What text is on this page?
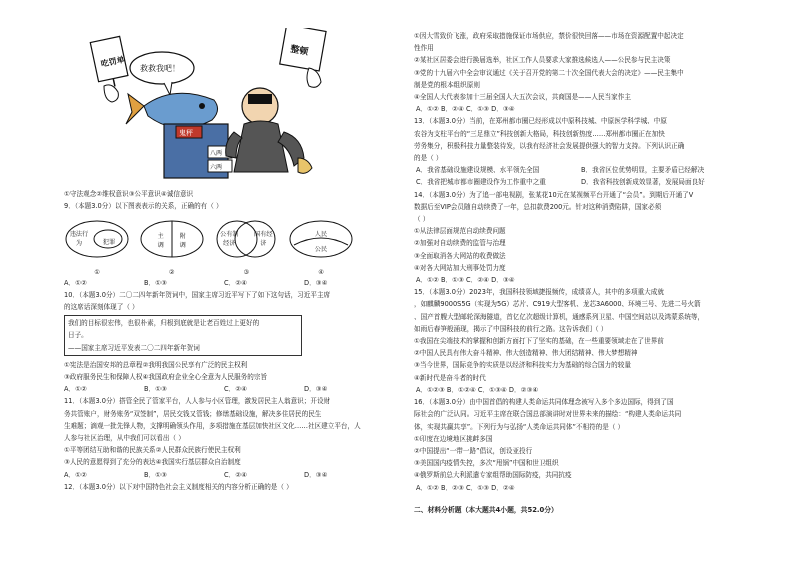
吃罚单
整顿
救救我吧！
鬼秤
八两
六两
①守法观念②维权意识③公平意识④诚信意识
9．（本题3.0分）以下图表表示的关系，正确的有（ ）
违法行为	犯罪
①
主调
附调
②
公有制经济
国有经济
③
人民
公民
④
A．①②	B．①③	C．②④	D．③④
10．（本题3.0分）二〇二四年新年贺词中，国家主席习近平写下了如下这句话，习近平主席
的这席话深刻体现了（ ）
我们的目标很宏伟，也很朴素，归根到底就是让老百姓过上更好的
日子。
——国家主席习近平发表二〇二四年新年贺词
①宪法是治国安邦的总章程②我明我国公民享有广泛的民主权利
③政府服务民生和保障人权④我国政府企业全心全意为人民服务的宗旨
A．①②	B．①③	C．②④	D．③④
11．（本题3.0分）搭管全民了管家平台，人人参与小区管理，激发居民主人翁意识；开设财
务共管账户，财务账务“双签制”，居民交钱又管钱；修缮基础设施，解决多住居民的民生
生难题；滴观一批先锋人物，支撑明确领头作用，多项措施在基层加快社区文化……社区建立平台，人
人参与社区治理，从中我们可以看出（ ）
①平等团结互助和谐的民族关系②人民群众民族行使民主权利
③人民的意愿得到了充分的表达④我国实行基层群众自治制度
A．①②	B．①③	C．②④	D．③④
12．（本题3.0分）以下对中国特色社会主义制度相关的内容分析正确的是（ ）
①因大雪致价飞涨，政府采取措施保证市场供应，禁价很快回落——市场在资源配置中起决定
性作用
②某社区居委会进行换届选举，社区工作人员要求大家推选候选人——公民参与民主决策
③党的十九届六中全会审议通过《关于召开党的第二十次全国代表大会的决定》——民主集中
制是党的根本组织原则
④全国人大代表参加十三届全国人大五次会议，共商国是——人民当家作主
A．①② B．②④ C．①③ D．③④
13．（本题3.0分）当前，在郑州都市圈已经形成以中原科技城、中原医学科学城、中原
农谷为支柱平台的“三足鼎立”科技创新大格局，科技创新热度……郑州都市圈正在加快
劳务集分，积极科技力量整装待发，以我有经济社会发展提供强大的智力支持。下列认识正确
的是（ ）
A．我省基础设施建设规模、水平领先全国	B．我省区位优势明显，主要矛盾已经解决
C．我省把城市都市圈建设作为工作重中之重	D．我省科技创新成效显著，发展局面良好
14．（本题3.0分）为了追一部电视剧，张某花10元在某视频平台开通了“会员”。到期后开通了V
数据后至VIP会员随自动续费了一年，总扣款费200元。针对这种消费陷阱，国家必须
（ ）
①从法律层面规范自动续费问题
②加强对自动续费的监管与治理
③全面取消各大网站的收费做法
④对各大网站加大刑事处罚力度
A．①② B．①③ C．②④ D．③④
15．（本题3.0分）2023年，我国科技领域捷报频传，成绩喜人，其中的多项重大成就
，如麒麟9000S5G（实现为5G）芯片、C919大型客机、龙芯3A6000、环境三号、先进二号火箭
、国产首艘大型邮轮深海隧道，首亿亿次超级计算机，通感系列卫星、中国空间站以及鸿蒙系统等，
如雨后春笋般涌现，揭示了中国科技的前行之路。这告诉我们（ ）
①我国在尖端技术的掌握和创新方面打下了坚实的基础，在一些重要领域走在了世界前
②中国人民具有伟大奋斗精神、伟大创造精神、伟大团结精神、伟大梦想精神
③当今世界，国际竞争的实质是以经济和科技实力为基础的综合国力的较量
④新时代是奋斗者的时代
A．①②③ B．①②④ C．①③④ D．②③④
16．（本题3.0分）由中国首倡的构建人类命运共同体理念被写入多个多边国际，得到了国
际社会的广泛认同。习近平主席在联合国总部演讲时对世界未来的描绘：“构建人类命运共同
体，实现共赢共享”。下列行为与弘扬“人类命运共同体”不相符的是（ ）
①印度在边境地区挑衅多国
②中国提出“一带一路”倡议，创设亚投行
③美国国内疫情失控，多次“甩锅”中国和世卫组织
④俄罗斯前总大利派遣专家组帮助国际防疫，共同抗疫
A．①② B．②③ C．①③ D．②④
二、材料分析题（本大题共4小题，共52.0分）
